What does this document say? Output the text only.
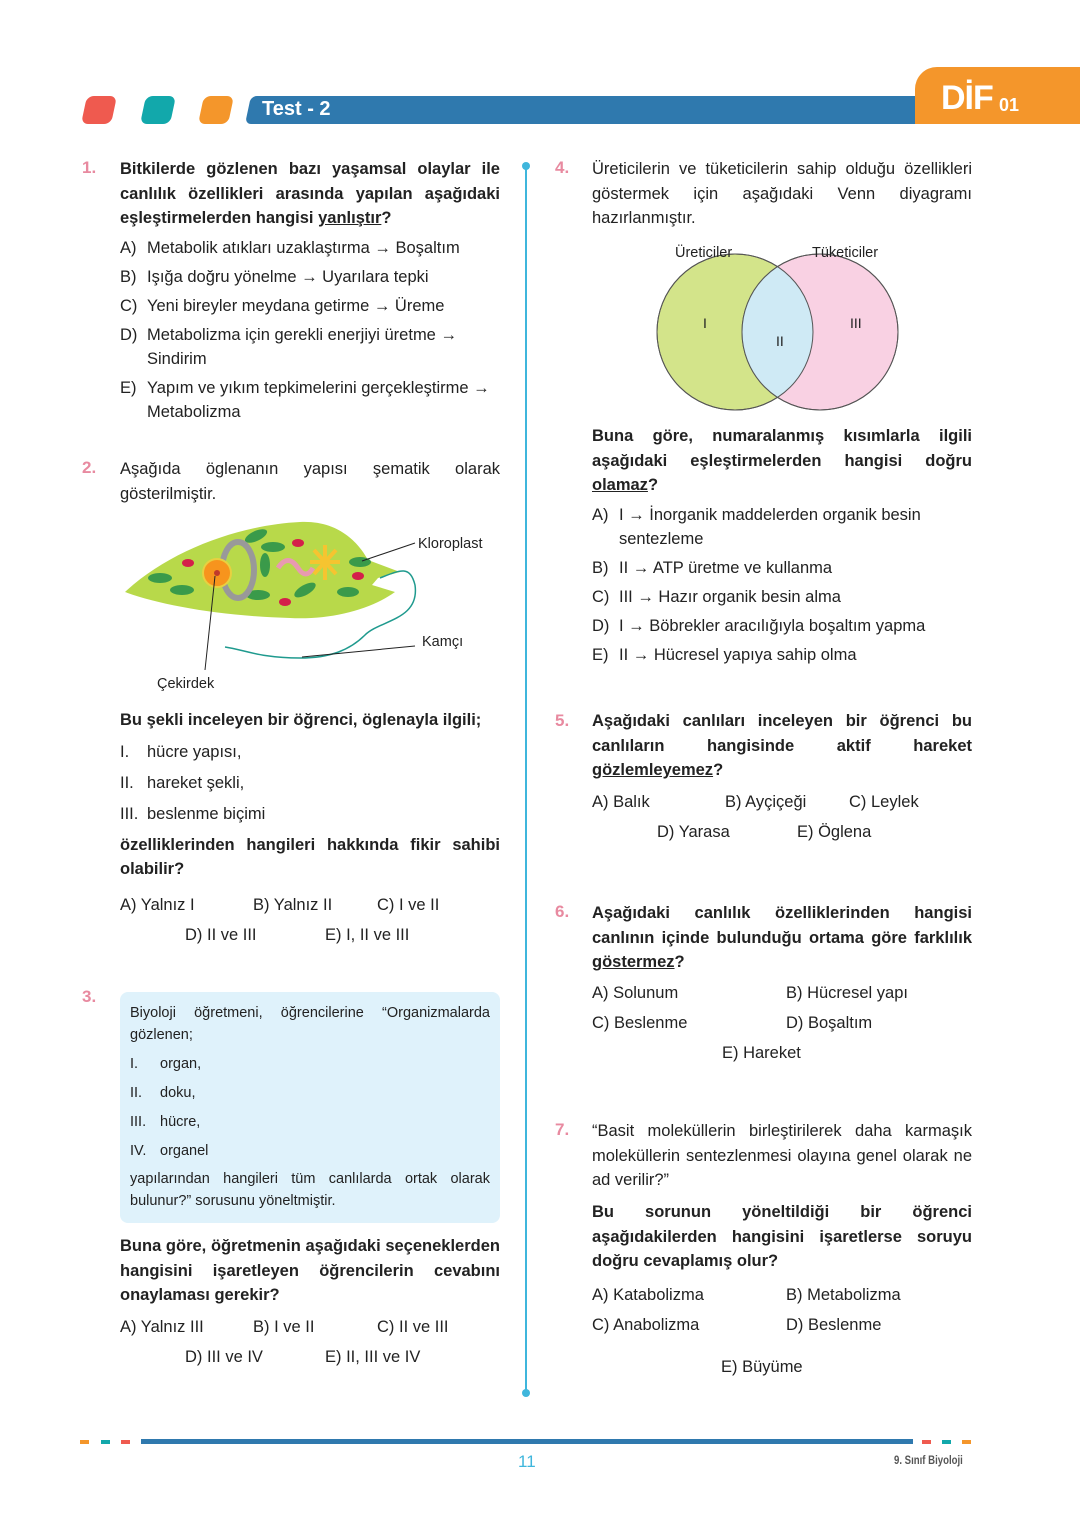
Test - 2	DİF 01
1. Bitkilerde gözlenen bazı yaşamsal olaylar ile canlılık özellikleri arasında yapılan aşağıdaki eşleştirmelerden hangisi yanlıştır?
A) Metabolik atıkları uzaklaştırma → Boşaltım
B) Işığa doğru yönelme → Uyarılara tepki
C) Yeni bireyler meydana getirme → Üreme
D) Metabolizma için gerekli enerjiyi üretme → Sindirim
E) Yapım ve yıkım tepkimelerini gerçekleştirme → Metabolizma
2. Aşağıda öglenanın yapısı şematik olarak gösterilmiştir.
Kloroplast
Kamçı
Çekirdek
Bu şekli inceleyen bir öğrenci, öglenayla ilgili;
I.	hücre yapısı,
II. hareket şekli,
III. beslenme biçimi
özelliklerinden hangileri hakkında fikir sahibi olabilir?
A) Yalnız I	B) Yalnız II	C) I ve II
D) II ve III	E) I, II ve III
3.
Biyoloji öğretmeni, öğrencilerine “Organizmalarda gözlenen;
I.	organ,
II.	doku,
III. hücre,
IV. organel
yapılarından hangileri tüm canlılarda ortak olarak bulunur?” sorusunu yöneltmiştir.
Buna göre, öğretmenin aşağıdaki seçeneklerden hangisini işaretleyen öğrencilerin cevabını onaylaması gerekir?
A) Yalnız III	B) I ve II	C) II ve III
D) III ve IV	E) II, III ve IV
4. Üreticilerin ve tüketicilerin sahip olduğu özellikleri göstermek için aşağıdaki Venn diyagramı hazırlanmıştır.
Üreticiler	Tüketiciler
I
II
III
Buna göre, numaralanmış kısımlarla ilgili aşağıdaki eşleştirmelerden hangisi doğru olamaz?
A) I → İnorganik maddelerden organik besin sentezleme
B) II → ATP üretme ve kullanma
C) III → Hazır organik besin alma
D) I → Böbrekler aracılığıyla boşaltım yapma
E) II → Hücresel yapıya sahip olma
5. Aşağıdaki canlıları inceleyen bir öğrenci bu canlıların hangisinde aktif hareket gözlemleyemez?
A) Balık	B) Ayçiçeği	C) Leylek
D) Yarasa	E) Öglena
6. Aşağıdaki canlılık özelliklerinden hangisi canlının içinde bulunduğu ortama göre farklılık göstermez?
A) Solunum	B) Hücresel yapı
C) Beslenme	D) Boşaltım
E) Hareket
7. “Basit moleküllerin birleştirilerek daha karmaşık moleküllerin sentezlenmesi olayına genel olarak ne ad verilir?”
Bu sorunun yöneltildiği bir öğrenci aşağıdakilerden hangisini işaretlerse soruyu doğru cevaplamış olur?
A) Katabolizma	B) Metabolizma
C) Anabolizma	D) Beslenme
E) Büyüme
11	9. Sınıf Biyoloji
